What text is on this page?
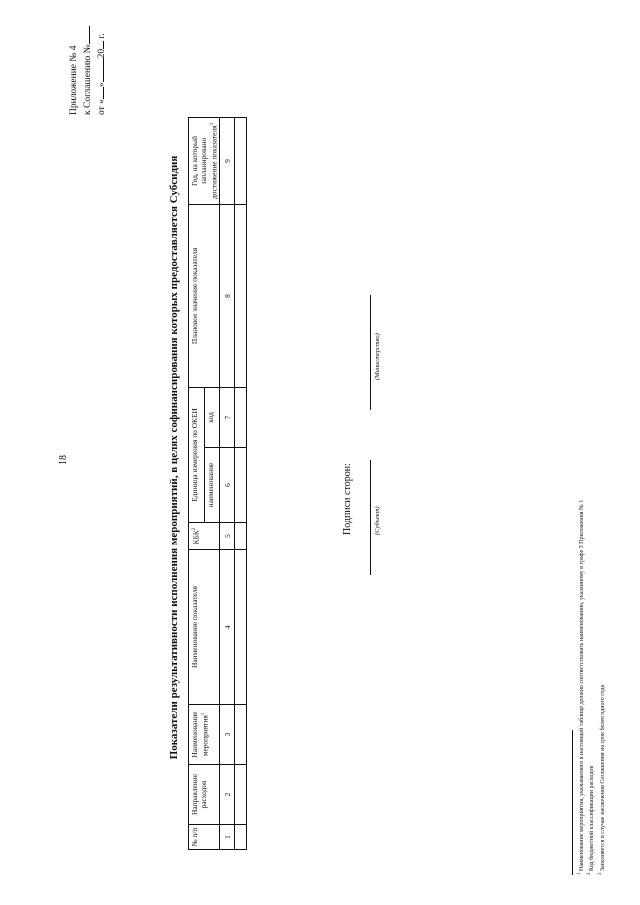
18
Приложение № 4 к Соглашению № от «»20 г.
Показатели результативности исполнения мероприятий, в целях софинансирования которых предоставляется Субсидия
№ п/п	Направление расходов	Наименование мероприятия$^1$	Наименование показателя	КБК$^2$	Единица измерения по ОКЕИ		Плановое значение показателя	Год, на который запланировано достижение показателя$^3$
					наименование	код		
1	2	3	4	5	6	7	8	9

Подписи сторон:	(Субъект)
(Министерство)
$^1$ Наименование мероприятия, указываемого в настоящей таблице должно соответствовать наименованию, указанному в графе 3 Приложения № 1
$^2$ Код бюджетной классификации расходов
$^3$ Заполняется в случае заключения Соглашения на срок более одного года
